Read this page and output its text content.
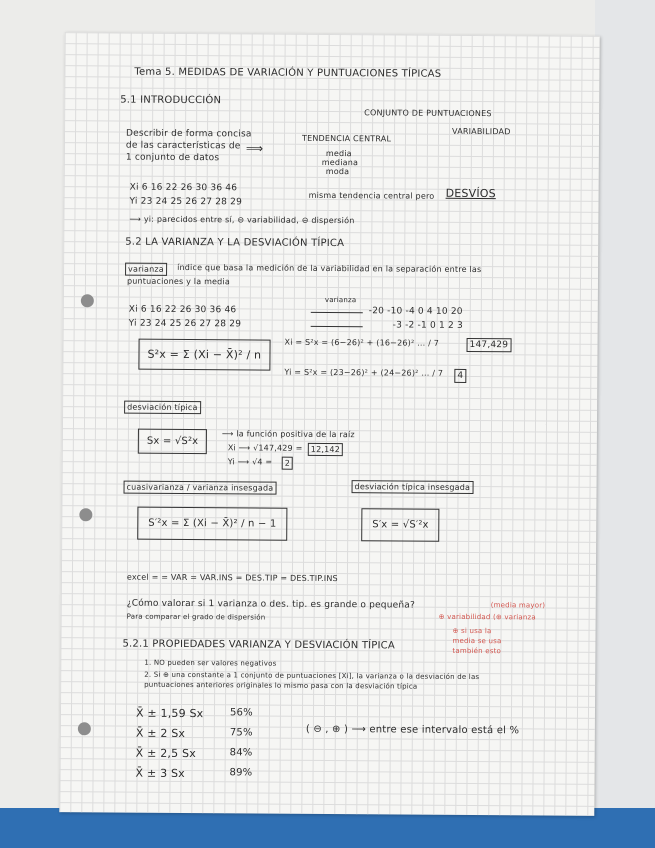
Tema 5. MEDIDAS DE VARIACIÓN Y PUNTUACIONES TÍPICAS
5.1 INTRODUCCIÓN
CONJUNTO DE PUNTUACIONES
Describir de forma concisa
de las características de
1 conjunto de datos
⟹
TENDENCIA CENTRAL
VARIABILIDAD
media
mediana
moda
Xi 6 16 22 26 30 36 46
Yi 23 24 25 26 27 28 29
misma tendencia central pero DESVÍOS
⟶ yi: parecidos entre sí, ⊖ variabilidad, ⊖ dispersión
5.2 LA VARIANZA Y LA DESVIACIÓN TÍPICA
varianza	índice que basa la medición de la variabilidad en la separación entre las
puntuaciones y la media
Xi 6 16 22 26 30 36 46
Yi 23 24 25 26 27 28 29
varianza
-20 -10 -4 0 4 10 20
-3 -2 -1 0 1 2 3
S²x = Σ (Xi − X̄)² / n
Xi = S²x = (6−26)² + (16−26)² ... / 7	147,429
Yi = S²x = (23−26)² + (24−26)² ... / 7	4
desviación típica
Sx = √S²x
⟶ la función positiva de la raíz
Xi ⟶ √147,429 =	12,142
Yi ⟶ √4 =	2
cuasivarianza / varianza insesgada	desviación típica insesgada
S′²x = Σ (Xi − X̄)² / n − 1	S′x = √S′²x
excel = = VAR = VAR.INS = DES.TIP = DES.TIP.INS
¿Cómo valorar si 1 varianza o des. tip. es grande o pequeña?
Para comparar el grado de dispersión
(media mayor)
⊕ variabilidad (⊕ varianza
⊕ si usa la
media se usa
también esto
5.2.1 PROPIEDADES VARIANZA Y DESVIACIÓN TÍPICA
1. NO pueden ser valores negativos
2. Si ⊕ una constante a 1 conjunto de puntuaciones [Xi], la varianza o la desviación de las
puntuaciones anteriores originales lo mismo pasa con la desviación típica
X̄ ± 1,59 Sx	56%
X̄ ± 2 Sx	75%
X̄ ± 2,5 Sx	84%
X̄ ± 3 Sx	89%
( ⊖ , ⊕ ) ⟶ entre ese intervalo está el %
